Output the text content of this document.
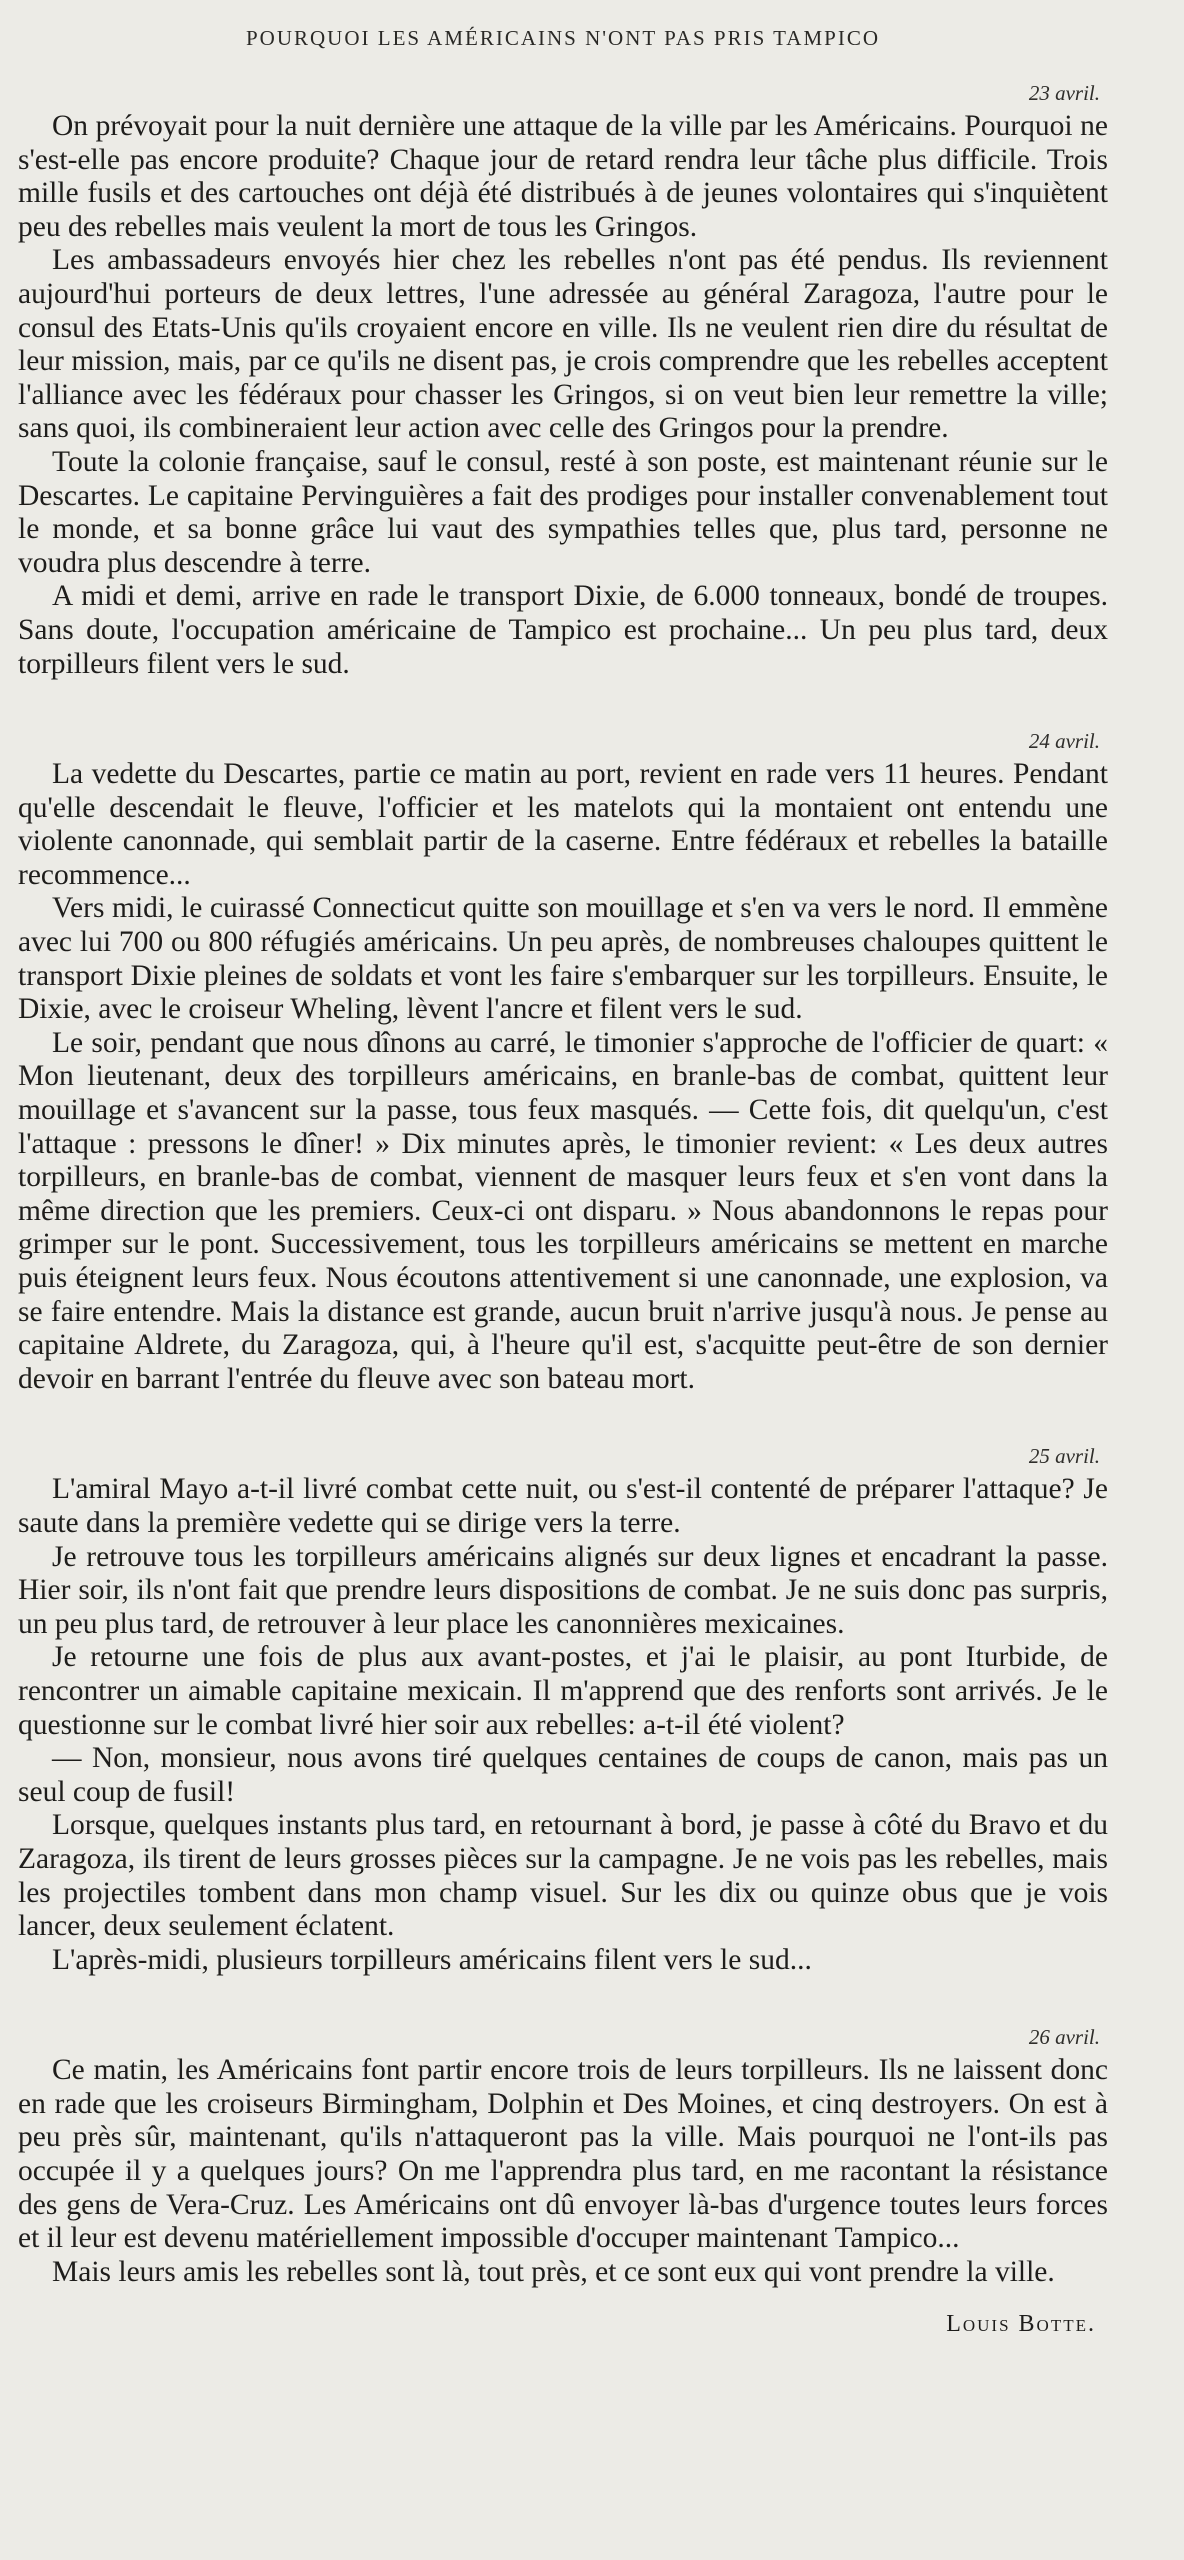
POURQUOI LES AMÉRICAINS N'ONT PAS PRIS TAMPICO
23 avril.

On prévoyait pour la nuit dernière une attaque de la ville par les Américains. Pourquoi ne s'est-elle pas encore produite? Chaque jour de retard rendra leur tâche plus difficile. Trois mille fusils et des cartouches ont déjà été distribués à de jeunes volontaires qui s'inquiètent peu des rebelles mais veulent la mort de tous les Gringos.

Les ambassadeurs envoyés hier chez les rebelles n'ont pas été pendus. Ils reviennent aujourd'hui porteurs de deux lettres, l'une adressée au général Zaragoza, l'autre pour le consul des Etats-Unis qu'ils croyaient encore en ville. Ils ne veulent rien dire du résultat de leur mission, mais, par ce qu'ils ne disent pas, je crois comprendre que les rebelles acceptent l'alliance avec les fédéraux pour chasser les Gringos, si on veut bien leur remettre la ville; sans quoi, ils combineraient leur action avec celle des Gringos pour la prendre.

Toute la colonie française, sauf le consul, resté à son poste, est maintenant réunie sur le Descartes. Le capitaine Pervinguières a fait des prodiges pour installer convenablement tout le monde, et sa bonne grâce lui vaut des sympathies telles que, plus tard, personne ne voudra plus descendre à terre.

A midi et demi, arrive en rade le transport Dixie, de 6.000 tonneaux, bondé de troupes. Sans doute, l'occupation américaine de Tampico est prochaine... Un peu plus tard, deux torpilleurs filent vers le sud.

24 avril.

La vedette du Descartes, partie ce matin au port, revient en rade vers 11 heures. Pendant qu'elle descendait le fleuve, l'officier et les matelots qui la montaient ont entendu une violente canonnade, qui semblait partir de la caserne. Entre fédéraux et rebelles la bataille recommence...

Vers midi, le cuirassé Connecticut quitte son mouillage et s'en va vers le nord. Il emmène avec lui 700 ou 800 réfugiés américains. Un peu après, de nombreuses chaloupes quittent le transport Dixie pleines de soldats et vont les faire s'embarquer sur les torpilleurs. Ensuite, le Dixie, avec le croiseur Wheling, lèvent l'ancre et filent vers le sud.

Le soir, pendant que nous dînons au carré, le timonier s'approche de l'officier de quart: « Mon lieutenant, deux des torpilleurs américains, en branle-bas de combat, quittent leur mouillage et s'avancent sur la passe, tous feux masqués. — Cette fois, dit quelqu'un, c'est l'attaque : pressons le dîner! » Dix minutes après, le timonier revient: « Les deux autres torpilleurs, en branle-bas de combat, viennent de masquer leurs feux et s'en vont dans la même direction que les premiers. Ceux-ci ont disparu. » Nous abandonnons le repas pour grimper sur le pont. Successivement, tous les torpilleurs américains se mettent en marche puis éteignent leurs feux. Nous écoutons attentivement si une canonnade, une explosion, va se faire entendre. Mais la distance est grande, aucun bruit n'arrive jusqu'à nous. Je pense au capitaine Aldrete, du Zaragoza, qui, à l'heure qu'il est, s'acquitte peut-être de son dernier devoir en barrant l'entrée du fleuve avec son bateau mort.

25 avril.

L'amiral Mayo a-t-il livré combat cette nuit, ou s'est-il contenté de préparer l'attaque? Je saute dans la première vedette qui se dirige vers la terre.

Je retrouve tous les torpilleurs américains alignés sur deux lignes et encadrant la passe. Hier soir, ils n'ont fait que prendre leurs dispositions de combat. Je ne suis donc pas surpris, un peu plus tard, de retrouver à leur place les canonnières mexicaines.

Je retourne une fois de plus aux avant-postes, et j'ai le plaisir, au pont Iturbide, de rencontrer un aimable capitaine mexicain. Il m'apprend que des renforts sont arrivés. Je le questionne sur le combat livré hier soir aux rebelles: a-t-il été violent?

— Non, monsieur, nous avons tiré quelques centaines de coups de canon, mais pas un seul coup de fusil!

Lorsque, quelques instants plus tard, en retournant à bord, je passe à côté du Bravo et du Zaragoza, ils tirent de leurs grosses pièces sur la campagne. Je ne vois pas les rebelles, mais les projectiles tombent dans mon champ visuel. Sur les dix ou quinze obus que je vois lancer, deux seulement éclatent.

L'après-midi, plusieurs torpilleurs américains filent vers le sud...

26 avril.

Ce matin, les Américains font partir encore trois de leurs torpilleurs. Ils ne laissent donc en rade que les croiseurs Birmingham, Dolphin et Des Moines, et cinq destroyers. On est à peu près sûr, maintenant, qu'ils n'attaqueront pas la ville. Mais pourquoi ne l'ont-ils pas occupée il y a quelques jours? On me l'apprendra plus tard, en me racontant la résistance des gens de Vera-Cruz. Les Américains ont dû envoyer là-bas d'urgence toutes leurs forces et il leur est devenu matériellement impossible d'occuper maintenant Tampico...

Mais leurs amis les rebelles sont là, tout près, et ce sont eux qui vont prendre la ville.

Louis Botte.
